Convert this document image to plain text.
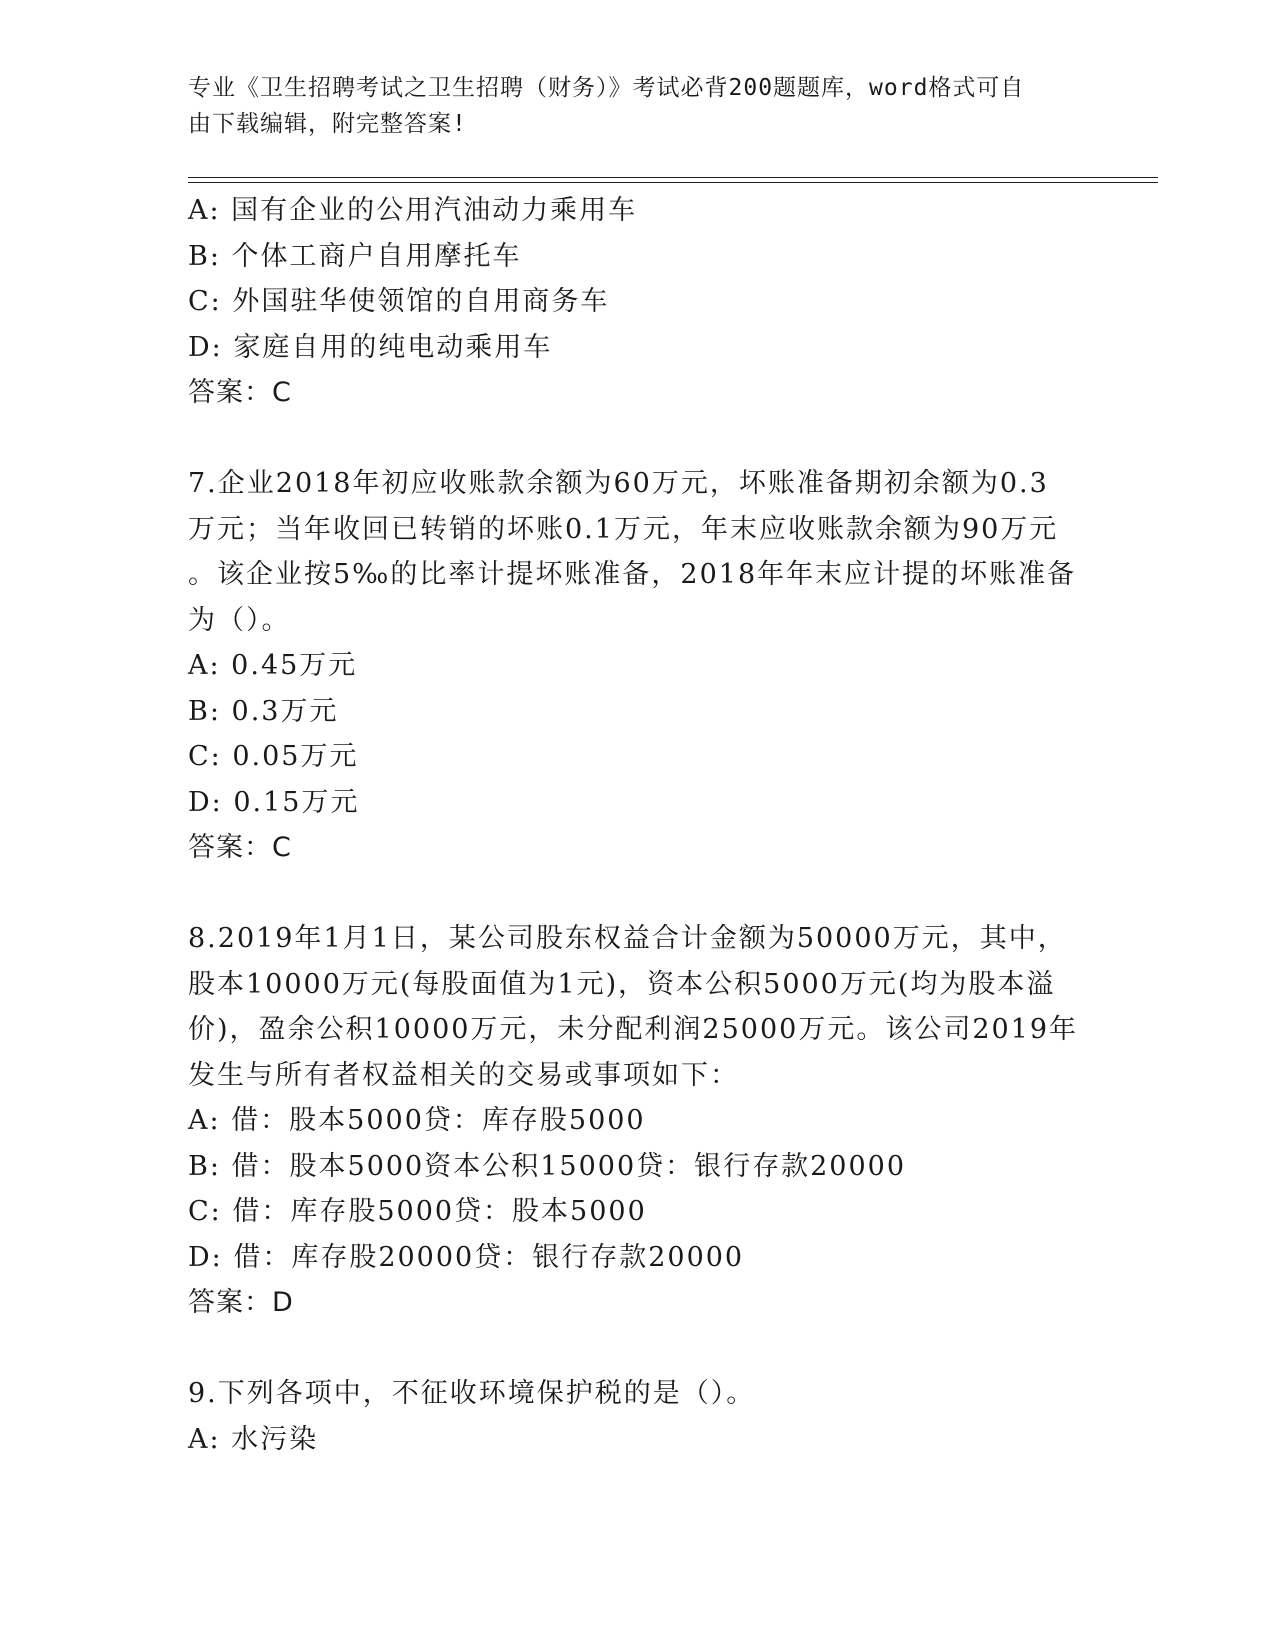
专业《卫生招聘考试之卫生招聘（财务）》考试必背200题题库，word格式可自
由下载编辑，附完整答案!
A: 国有企业的公用汽油动力乘用车
B: 个体工商户自用摩托车
C: 外国驻华使领馆的自用商务车
D: 家庭自用的纯电动乘用车
答案：C
7.企业2018年初应收账款余额为60万元，坏账准备期初余额为0.3
万元；当年收回已转销的坏账0.1万元，年末应收账款余额为90万元
。该企业按5‰的比率计提坏账准备，2018年年末应计提的坏账准备
为（）。
A: 0.45万元
B: 0.3万元
C: 0.05万元
D: 0.15万元
答案：C
8.2019年1月1日，某公司股东权益合计金额为50000万元，其中，
股本10000万元(每股面值为1元)，资本公积5000万元(均为股本溢
价)，盈余公积10000万元，未分配利润25000万元。该公司2019年
发生与所有者权益相关的交易或事项如下：
A: 借：股本5000贷：库存股5000
B: 借：股本5000资本公积15000贷：银行存款20000
C: 借：库存股5000贷：股本5000
D: 借：库存股20000贷：银行存款20000
答案：D
9.下列各项中，不征收环境保护税的是（）。
A: 水污染
